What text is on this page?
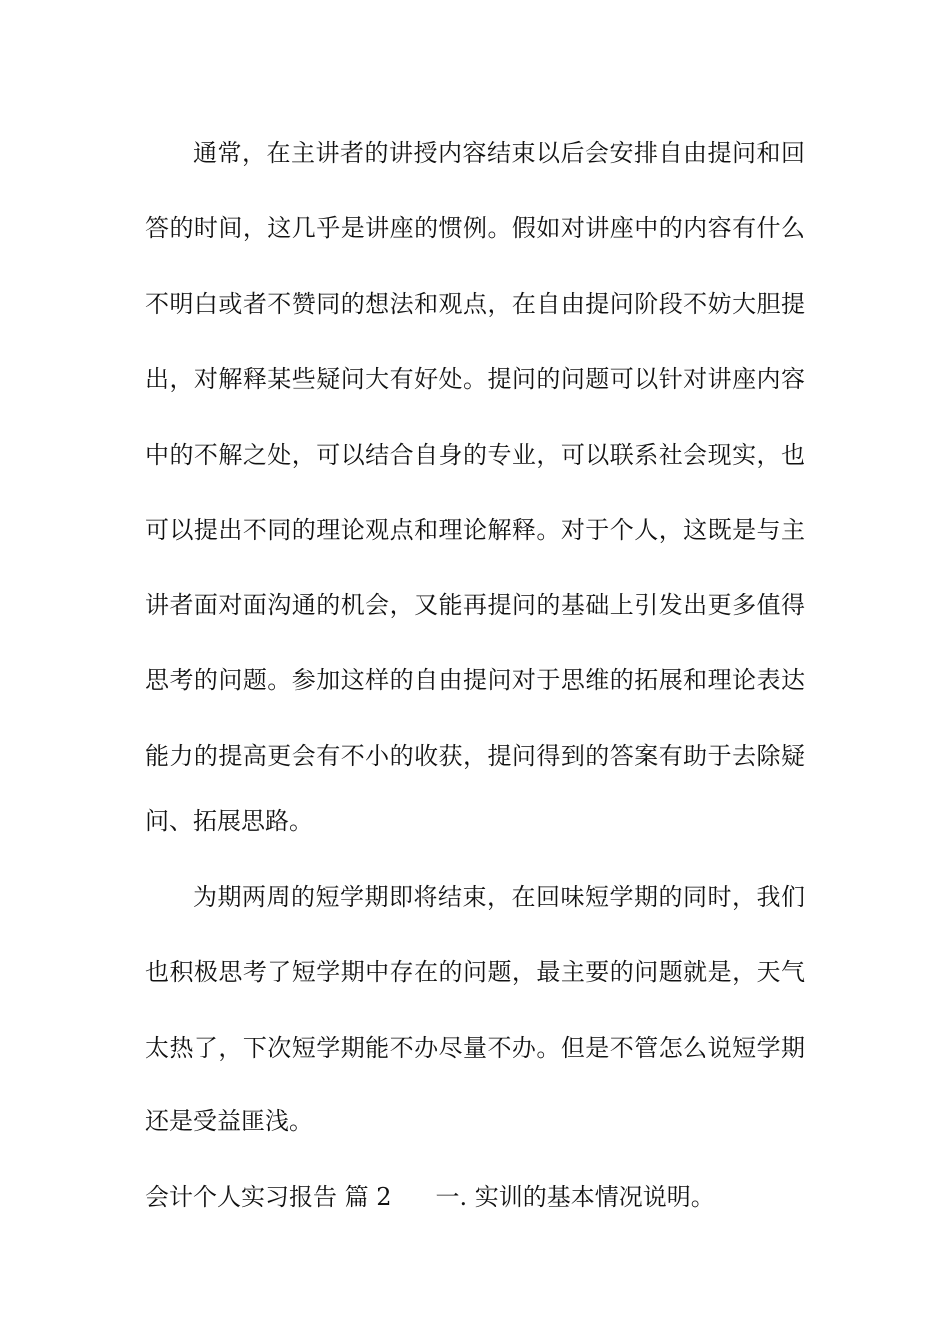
通常，在主讲者的讲授内容结束以后会安排自由提问和回
答的时间，这几乎是讲座的惯例。假如对讲座中的内容有什么
不明白或者不赞同的想法和观点，在自由提问阶段不妨大胆提
出，对解释某些疑问大有好处。提问的问题可以针对讲座内容
中的不解之处，可以结合自身的专业，可以联系社会现实，也
可以提出不同的理论观点和理论解释。对于个人，这既是与主
讲者面对面沟通的机会，又能再提问的基础上引发出更多值得
思考的问题。参加这样的自由提问对于思维的拓展和理论表达
能力的提高更会有不小的收获，提问得到的答案有助于去除疑
问、拓展思路。
为期两周的短学期即将结束，在回味短学期的同时，我们
也积极思考了短学期中存在的问题，最主要的问题就是，天气
太热了，下次短学期能不办尽量不办。但是不管怎么说短学期
还是受益匪浅。
会计个人实习报告 篇 2 一. 实训的基本情况说明。
